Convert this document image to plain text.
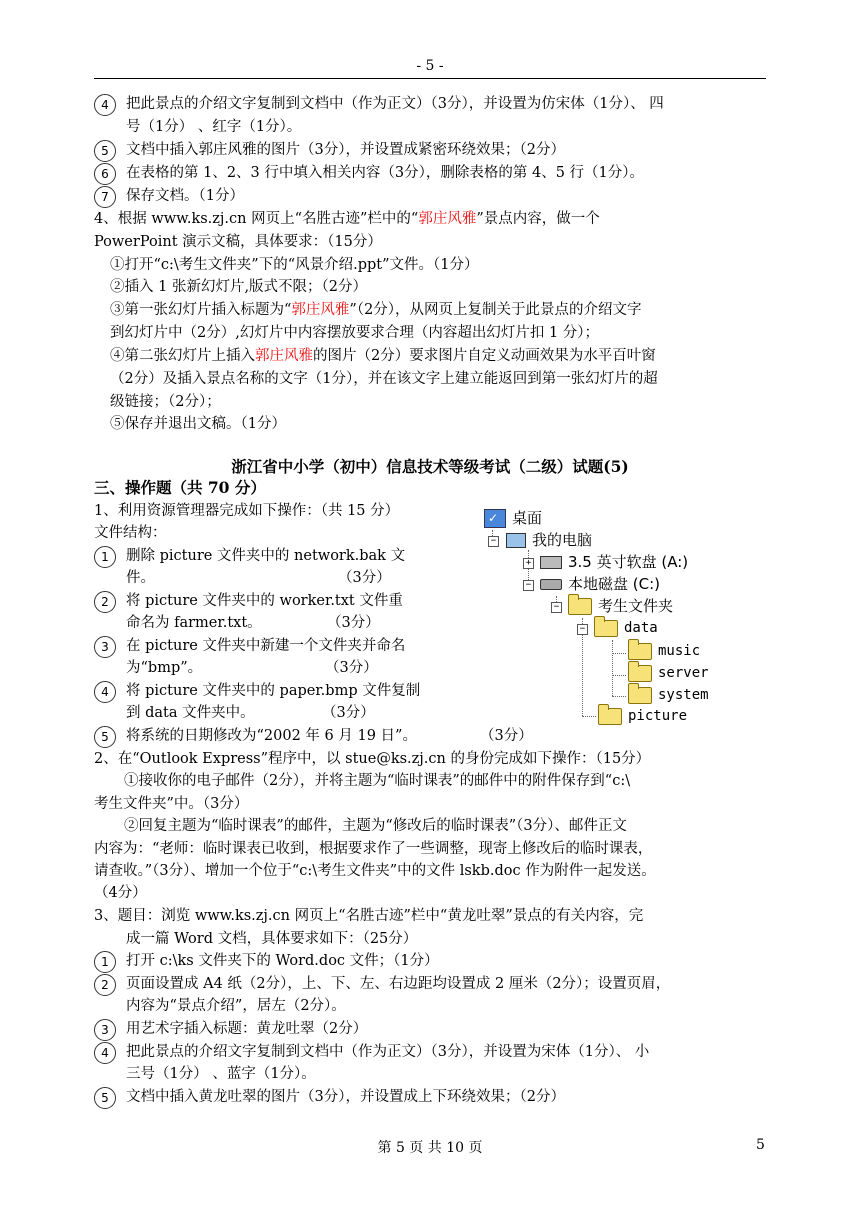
- 5 -
4	把此景点的介绍文字复制到文档中（作为正文）（3分），并设置为仿宋体（1分）、 四
号（1分） 、红字（1分）。
5	文档中插入郭庄风雅的图片（3分），并设置成紧密环绕效果；（2分）
6	在表格的第 1、2、3 行中填入相关内容（3分），删除表格的第 4、5 行（1分）。
7	保存文档。（1分）
4、根据 www.ks.zj.cn 网页上“名胜古迹”栏中的“郭庄风雅”景点内容，做一个
PowerPoint 演示文稿，具体要求：（15分）
①打开“c:\考生文件夹”下的“风景介绍.ppt”文件。（1分）
②插入 1 张新幻灯片,版式不限；（2分）
③第一张幻灯片插入标题为“郭庄风雅”（2分），从网页上复制关于此景点的介绍文字
到幻灯片中（2分）,幻灯片中内容摆放要求合理（内容超出幻灯片扣 1 分）；
④第二张幻灯片上插入郭庄风雅的图片（2分）要求图片自定义动画效果为水平百叶窗
（2分）及插入景点名称的文字（1分），并在该文字上建立能返回到第一张幻灯片的超
级链接；（2分）；
⑤保存并退出文稿。（1分）
浙江省中小学（初中）信息技术等级考试（二级）试题(5)
三、操作题（共 70 分）
1、利用资源管理器完成如下操作：（共 15 分）
文件结构：
1	删除 picture 文件夹中的 network.bak 文
件。	（3分）
2	将 picture 文件夹中的 worker.txt 文件重
命名为 farmer.txt。	（3分）
3	在 picture 文件夹中新建一个文件夹并命名
为“bmp”。	（3分）
4	将 picture 文件夹中的 paper.bmp 文件复制
到 data 文件夹中。	（3分）
5	将系统的日期修改为“2002 年 6 月 19 日”。	（3分）
✓ 桌面
−	我的电脑
+	3.5 英寸软盘 (A:)
−	本地磁盘 (C:)
−	考生文件夹
−	data
music
server
system
picture
2、在“Outlook Express”程序中，以 stue@ks.zj.cn 的身份完成如下操作：（15分）
①接收你的电子邮件（2分），并将主题为“临时课表”的邮件中的附件保存到“c:\
考生文件夹”中。（3分）
②回复主题为“临时课表”的邮件，主题为“修改后的临时课表”（3分）、邮件正文
内容为：“老师：临时课表已收到，根据要求作了一些调整，现寄上修改后的临时课表，
请查收。”（3分）、增加一个位于“c:\考生文件夹”中的文件 lskb.doc 作为附件一起发送。
（4分）
3、题目：浏览 www.ks.zj.cn 网页上“名胜古迹”栏中“黄龙吐翠”景点的有关内容，完
成一篇 Word 文档，具体要求如下：（25分）
1	打开 c:\ks 文件夹下的 Word.doc 文件；（1分）
2	页面设置成 A4 纸（2分），上、下、左、右边距均设置成 2 厘米（2分）；设置页眉，
内容为“景点介绍”，居左（2分）。
3	用艺术字插入标题：黄龙吐翠（2分）
4	把此景点的介绍文字复制到文档中（作为正文）（3分），并设置为宋体（1分）、 小
三号（1分） 、蓝字（1分）。
5	文档中插入黄龙吐翠的图片（3分），并设置成上下环绕效果；（2分）
第 5 页 共 10 页	5
